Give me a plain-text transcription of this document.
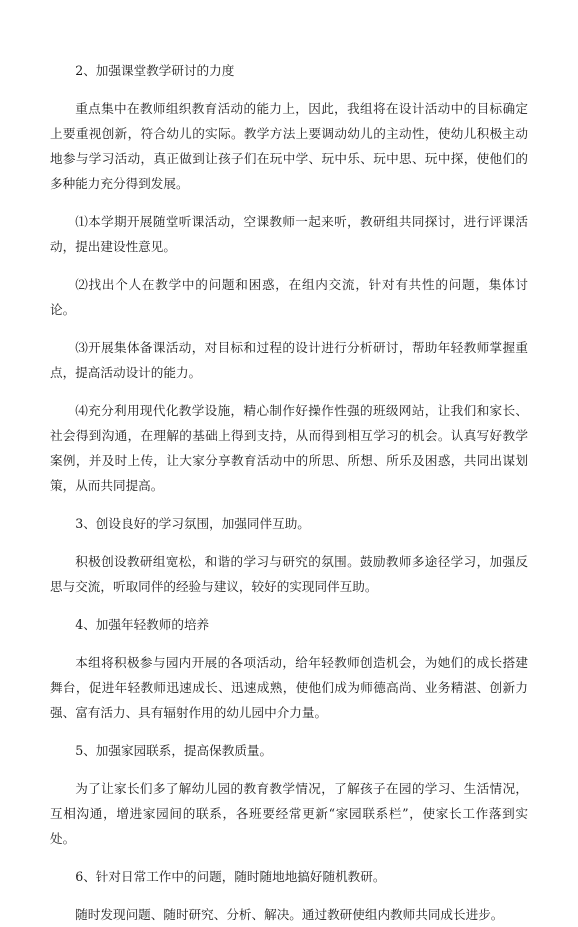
2、加强课堂教学研讨的力度

重点集中在教师组织教育活动的能力上，因此，我组将在设计活动中的目标确定上要重视创新，符合幼儿的实际。教学方法上要调动幼儿的主动性，使幼儿积极主动地参与学习活动，真正做到让孩子们在玩中学、玩中乐、玩中思、玩中探，使他们的多种能力充分得到发展。

⑴本学期开展随堂听课活动，空课教师一起来听，教研组共同探讨，进行评课活动，提出建设性意见。

⑵找出个人在教学中的问题和困惑，在组内交流，针对有共性的问题，集体讨论。

⑶开展集体备课活动，对目标和过程的设计进行分析研讨，帮助年轻教师掌握重点，提高活动设计的能力。

⑷充分利用现代化教学设施，精心制作好操作性强的班级网站，让我们和家长、社会得到沟通，在理解的基础上得到支持，从而得到相互学习的机会。认真写好教学案例，并及时上传，让大家分享教育活动中的所思、所想、所乐及困惑，共同出谋划策，从而共同提高。

3、创设良好的学习氛围，加强同伴互助。

积极创设教研组宽松，和谐的学习与研究的氛围。鼓励教师多途径学习，加强反思与交流，听取同伴的经验与建议，较好的实现同伴互助。

4、加强年轻教师的培养

本组将积极参与园内开展的各项活动，给年轻教师创造机会，为她们的成长搭建舞台，促进年轻教师迅速成长、迅速成熟，使他们成为师德高尚、业务精湛、创新力强、富有活力、具有辐射作用的幼儿园中介力量。

5、加强家园联系，提高保教质量。

为了让家长们多了解幼儿园的教育教学情况，了解孩子在园的学习、生活情况，互相沟通，增进家园间的联系，各班要经常更新“家园联系栏”，使家长工作落到实处。

6、针对日常工作中的问题，随时随地地搞好随机教研。

随时发现问题、随时研究、分析、解决。通过教研使组内教师共同成长进步。
